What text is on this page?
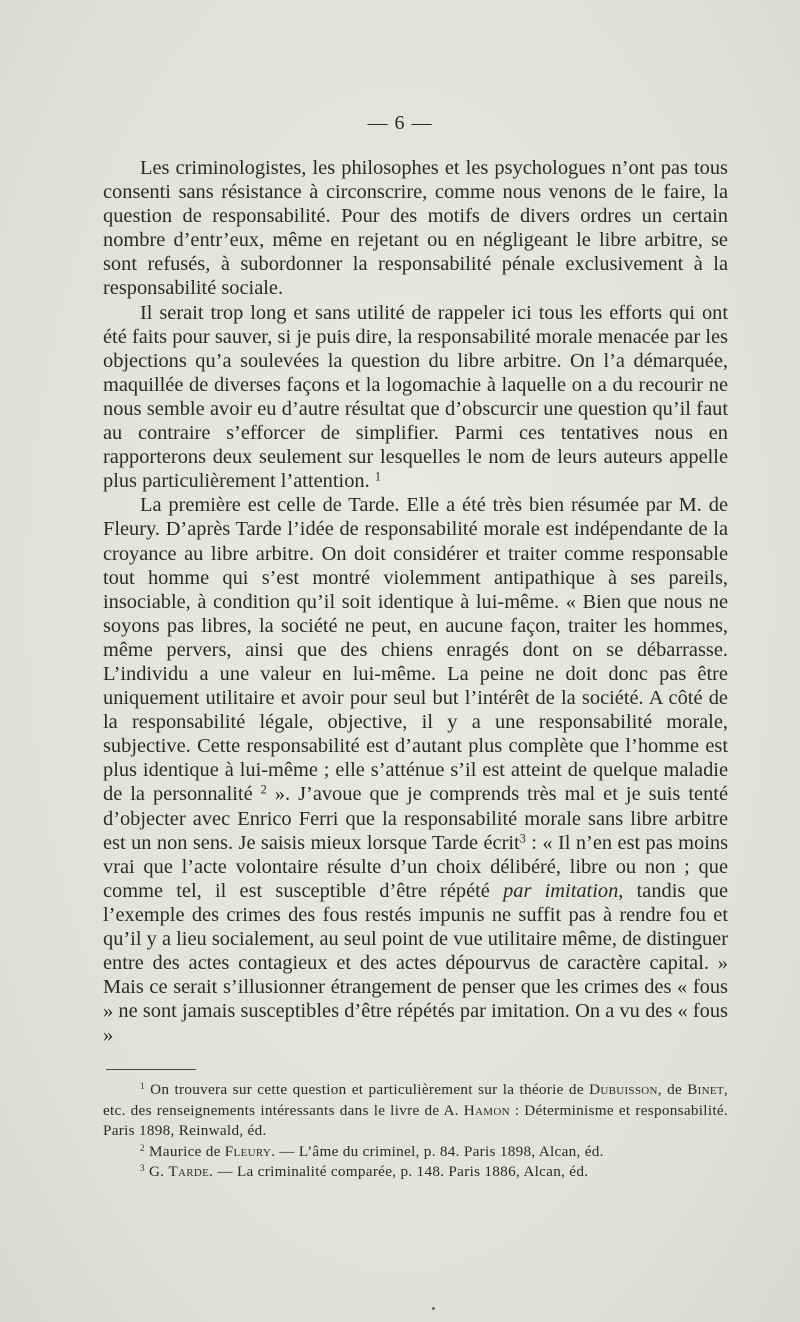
— 6 —

Les criminologistes, les philosophes et les psychologues n’ont pas tous consenti sans résistance à circonscrire, comme nous venons de le faire, la question de responsabilité. Pour des motifs de divers ordres un certain nombre d’entr’eux, même en rejetant ou en négligeant le libre arbitre, se sont refusés, à subordonner la responsabilité pénale exclusivement à la responsabilité sociale.

Il serait trop long et sans utilité de rappeler ici tous les efforts qui ont été faits pour sauver, si je puis dire, la responsabilité morale menacée par les objections qu’a soulevées la question du libre arbitre. On l’a démarquée, maquillée de diverses façons et la logomachie à laquelle on a du recourir ne nous semble avoir eu d’autre résultat que d’obscurcir une question qu’il faut au contraire s’efforcer de simplifier. Parmi ces tentatives nous en rapporterons deux seulement sur lesquelles le nom de leurs auteurs appelle plus particulièrement l’attention. $^1$

La première est celle de Tarde. Elle a été très bien résumée par M. de Fleury. D’après Tarde l’idée de responsabilité morale est indépendante de la croyance au libre arbitre. On doit considérer et traiter comme responsable tout homme qui s’est montré violemment antipathique à ses pareils, insociable, à condition qu’il soit identique à lui-même. « Bien que nous ne soyons pas libres, la société ne peut, en aucune façon, traiter les hommes, même pervers, ainsi que des chiens enragés dont on se débarrasse. L’individu a une valeur en lui-même. La peine ne doit donc pas être uniquement utilitaire et avoir pour seul but l’intérêt de la société. A côté de la responsabilité légale, objective, il y a une responsabilité morale, subjective. Cette responsabilité est d’autant plus complète que l’homme est plus identique à lui-même ; elle s’atténue s’il est atteint de quelque maladie de la personnalité $^2$ ». J’avoue que je comprends très mal et je suis tenté d’objecter avec Enrico Ferri que la responsabilité morale sans libre arbitre est un non sens. Je saisis mieux lorsque Tarde écrit$^3$ : « Il n’en est pas moins vrai que l’acte volontaire résulte d’un choix délibéré, libre ou non ; que comme tel, il est susceptible d’être répété par imitation, tandis que l’exemple des crimes des fous restés impunis ne suffit pas à rendre fou et qu’il y a lieu socialement, au seul point de vue utilitaire même, de distinguer entre des actes contagieux et des actes dépourvus de caractère capital. » Mais ce serait s’illusionner étrangement de penser que les crimes des « fous » ne sont jamais susceptibles d’être répétés par imitation. On a vu des « fous »

$^1$ On trouvera sur cette question et particulièrement sur la théorie de Dubuisson, de Binet, etc. des renseignements intéressants dans le livre de A. Hamon : Déterminisme et responsabilité. Paris 1898, Reinwald, éd.

$^2$ Maurice de Fleury. — L’âme du criminel, p. 84. Paris 1898, Alcan, éd.

$^3$ G. Tarde. — La criminalité comparée, p. 148. Paris 1886, Alcan, éd.
